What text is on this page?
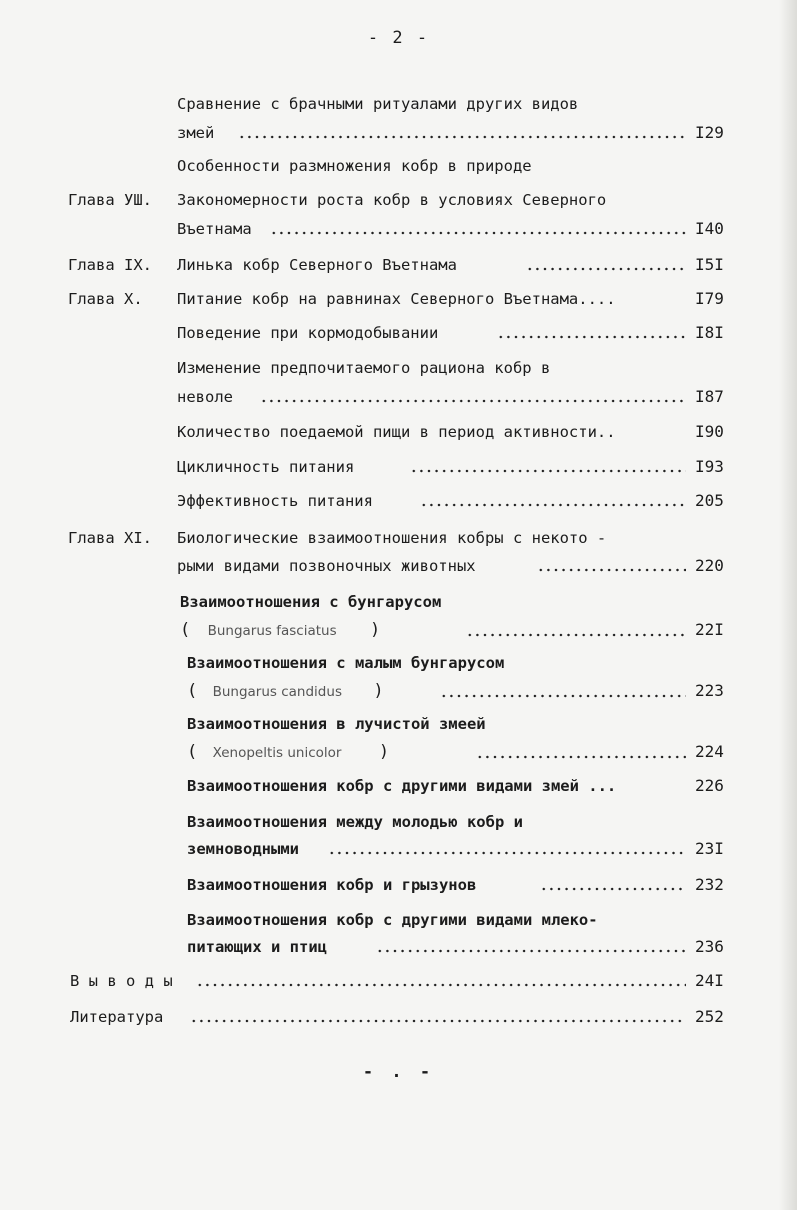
- 2 -
Сравнение с брачными ритуалами других видов
змей	I29
Особенности размножения кобр в природе
Глава УШ. Закономерности роста кобр в условиях Северного
Въетнама	I40
Глава IX. Линька кобр Северного Въетнама	I5I
Глава X. Питание кобр на равнинах Северного Въетнама....	I79
Поведение при кормодобывании	I8I
Изменение предпочитаемого рациона кобр в
неволе	I87
Количество поедаемой пищи в период активности..	I90
Цикличность питания	I93
Эффективность питания	205
Глава XI. Биологические взаимоотношения кобры с некото -
рыми видами позвоночных животных	220
Взаимоотношения с бунгарусом
( Bungarus fasciatus )	22I
Взаимоотношения с малым бунгарусом
( Bungarus candidus )	223
Взаимоотношения в лучистой змеей
( Xenopeltis unicolor )	224
Взаимоотношения кобр с другими видами змей ...	226
Взаимоотношения между молодью кобр и
земноводными	23I
Взаимоотношения кобр и грызунов	232
Взаимоотношения кобр с другими видами млеко-
питающих и птиц	236
В ы в о д ы	24I
Литература	252
- . -
